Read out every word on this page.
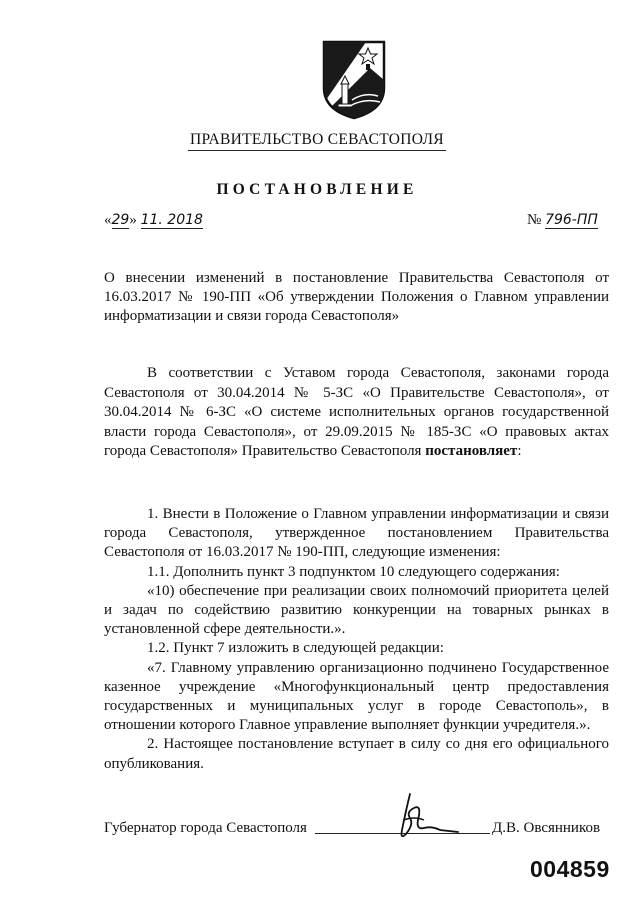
ПРАВИТЕЛЬСТВО СЕВАСТОПОЛЯ
ПОСТАНОВЛЕНИЕ
«29» 11. 2018	№ 796-ПП
О внесении изменений в постановление Правительства Севастополя от 16.03.2017 № 190-ПП «Об утверждении Положения о Главном управлении информатизации и связи города Севастополя»

В соответствии с Уставом города Севастополя, законами города Севастополя от 30.04.2014 № 5-ЗС «О Правительстве Севастополя», от 30.04.2014 № 6-ЗС «О системе исполнительных органов государственной власти города Севастополя», от 29.09.2015 № 185-ЗС «О правовых актах города Севастополя» Правительство Севастополя постановляет:

1. Внести в Положение о Главном управлении информатизации и связи города Севастополя, утвержденное постановлением Правительства Севастополя от 16.03.2017 № 190-ПП, следующие изменения:

1.1. Дополнить пункт 3 подпунктом 10 следующего содержания:

«10) обеспечение при реализации своих полномочий приоритета целей и задач по содействию развитию конкуренции на товарных рынках в установленной сфере деятельности.».

1.2. Пункт 7 изложить в следующей редакции:

«7. Главному управлению организационно подчинено Государственное казенное учреждение «Многофункциональный центр предоставления государственных и муниципальных услуг в городе Севастополь», в отношении которого Главное управление выполняет функции учредителя.».

2. Настоящее постановление вступает в силу со дня его официального опубликования.

Губернатор города Севастополя	Д.В. Овсянников
004859
